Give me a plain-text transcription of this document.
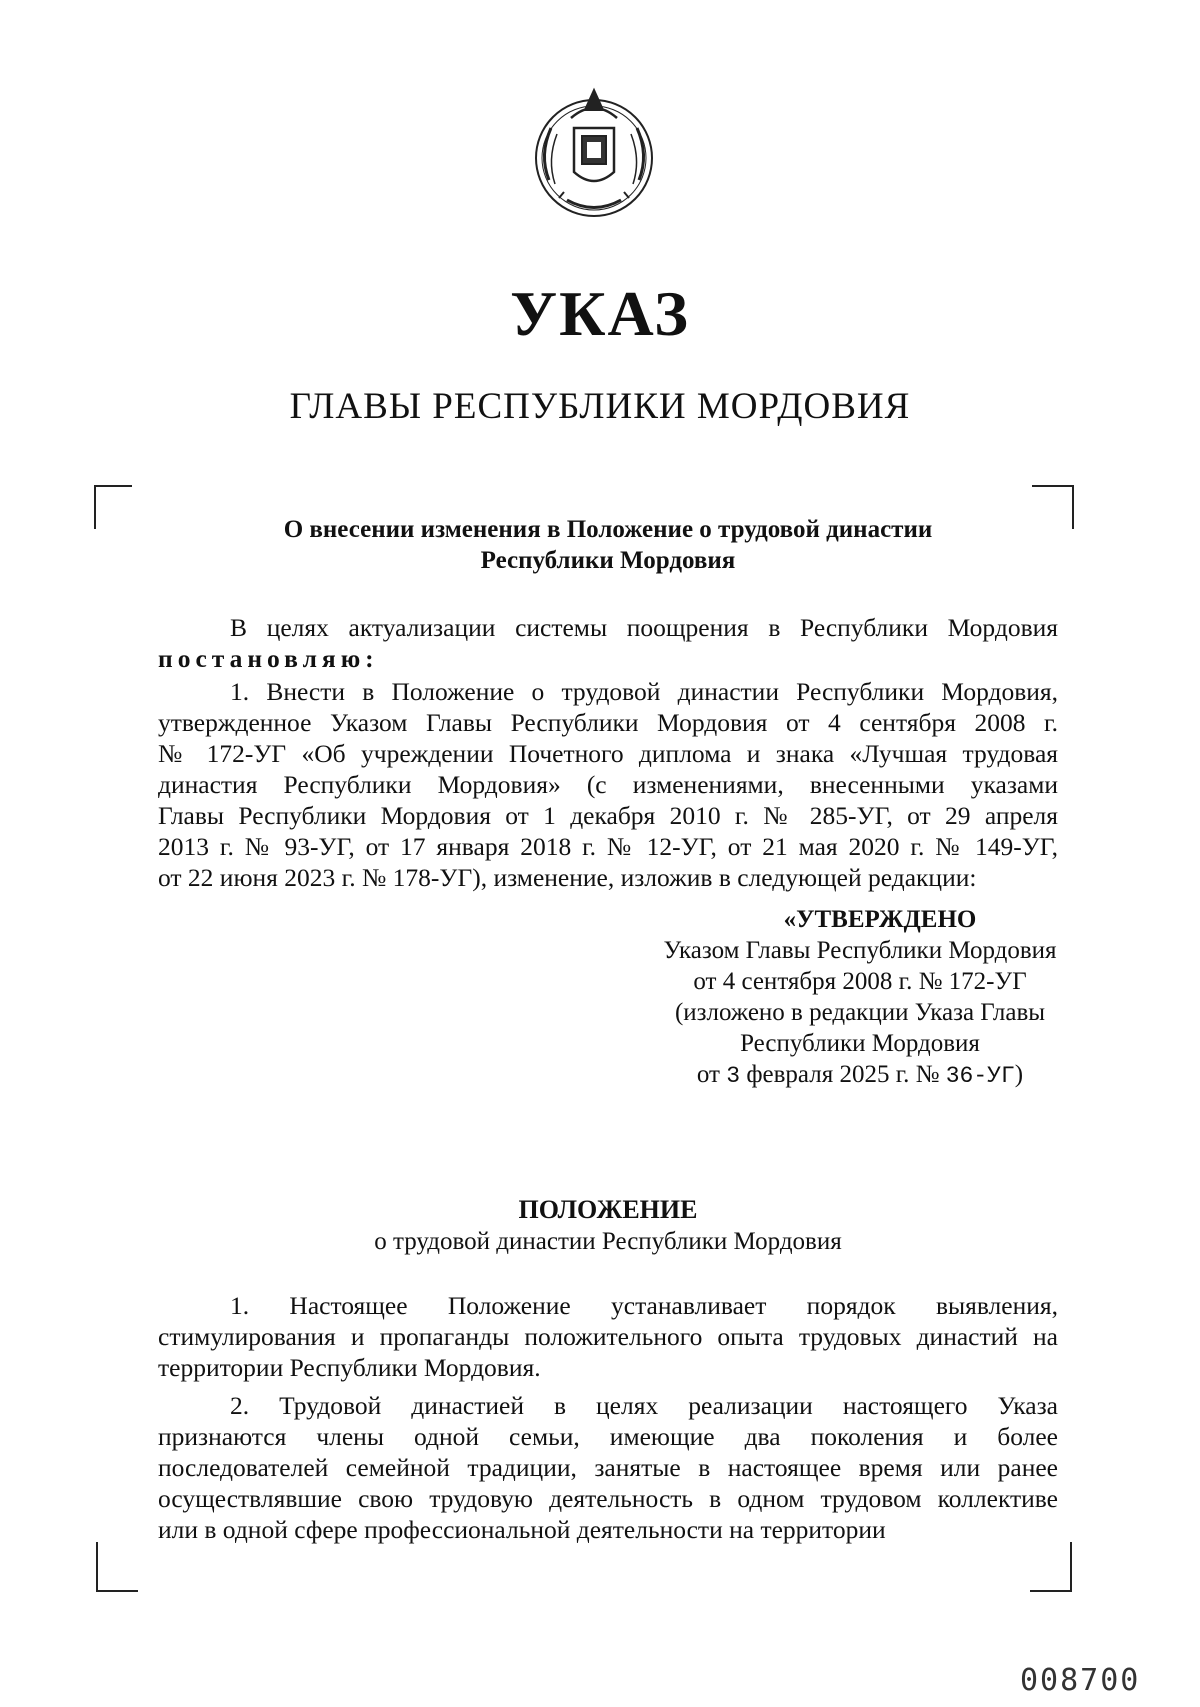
УКАЗ
ГЛАВЫ РЕСПУБЛИКИ МОРДОВИЯ
О внесении изменения в Положение о трудовой династии
Республики Мордовия
В целях актуализации системы поощрения в Республики Мордовия
постановляю:
1. Внести в Положение о трудовой династии Республики Мордовия,
утвержденное Указом Главы Республики Мордовия от 4 сентября 2008 г.
№ 172-УГ «Об учреждении Почетного диплома и знака «Лучшая трудовая
династия Республики Мордовия» (с изменениями, внесенными указами
Главы Республики Мордовия от 1 декабря 2010 г. № 285-УГ, от 29 апреля
2013 г. № 93-УГ, от 17 января 2018 г. № 12-УГ, от 21 мая 2020 г. № 149-УГ,
от 22 июня 2023 г. № 178-УГ), изменение, изложив в следующей редакции:
«УТВЕРЖДЕНО
Указом Главы Республики Мордовия
от 4 сентября 2008 г. № 172-УГ
(изложено в редакции Указа Главы
Республики Мордовия
от 3 февраля 2025 г. № 36-УГ)
ПОЛОЖЕНИЕ
о трудовой династии Республики Мордовия
1. Настоящее Положение устанавливает порядок выявления,
стимулирования и пропаганды положительного опыта трудовых династий на
территории Республики Мордовия.
2. Трудовой династией в целях реализации настоящего Указа
признаются члены одной семьи, имеющие два поколения и более
последователей семейной традиции, занятые в настоящее время или ранее
осуществлявшие свою трудовую деятельность в одном трудовом коллективе
или в одной сфере профессиональной деятельности на территории
008700
